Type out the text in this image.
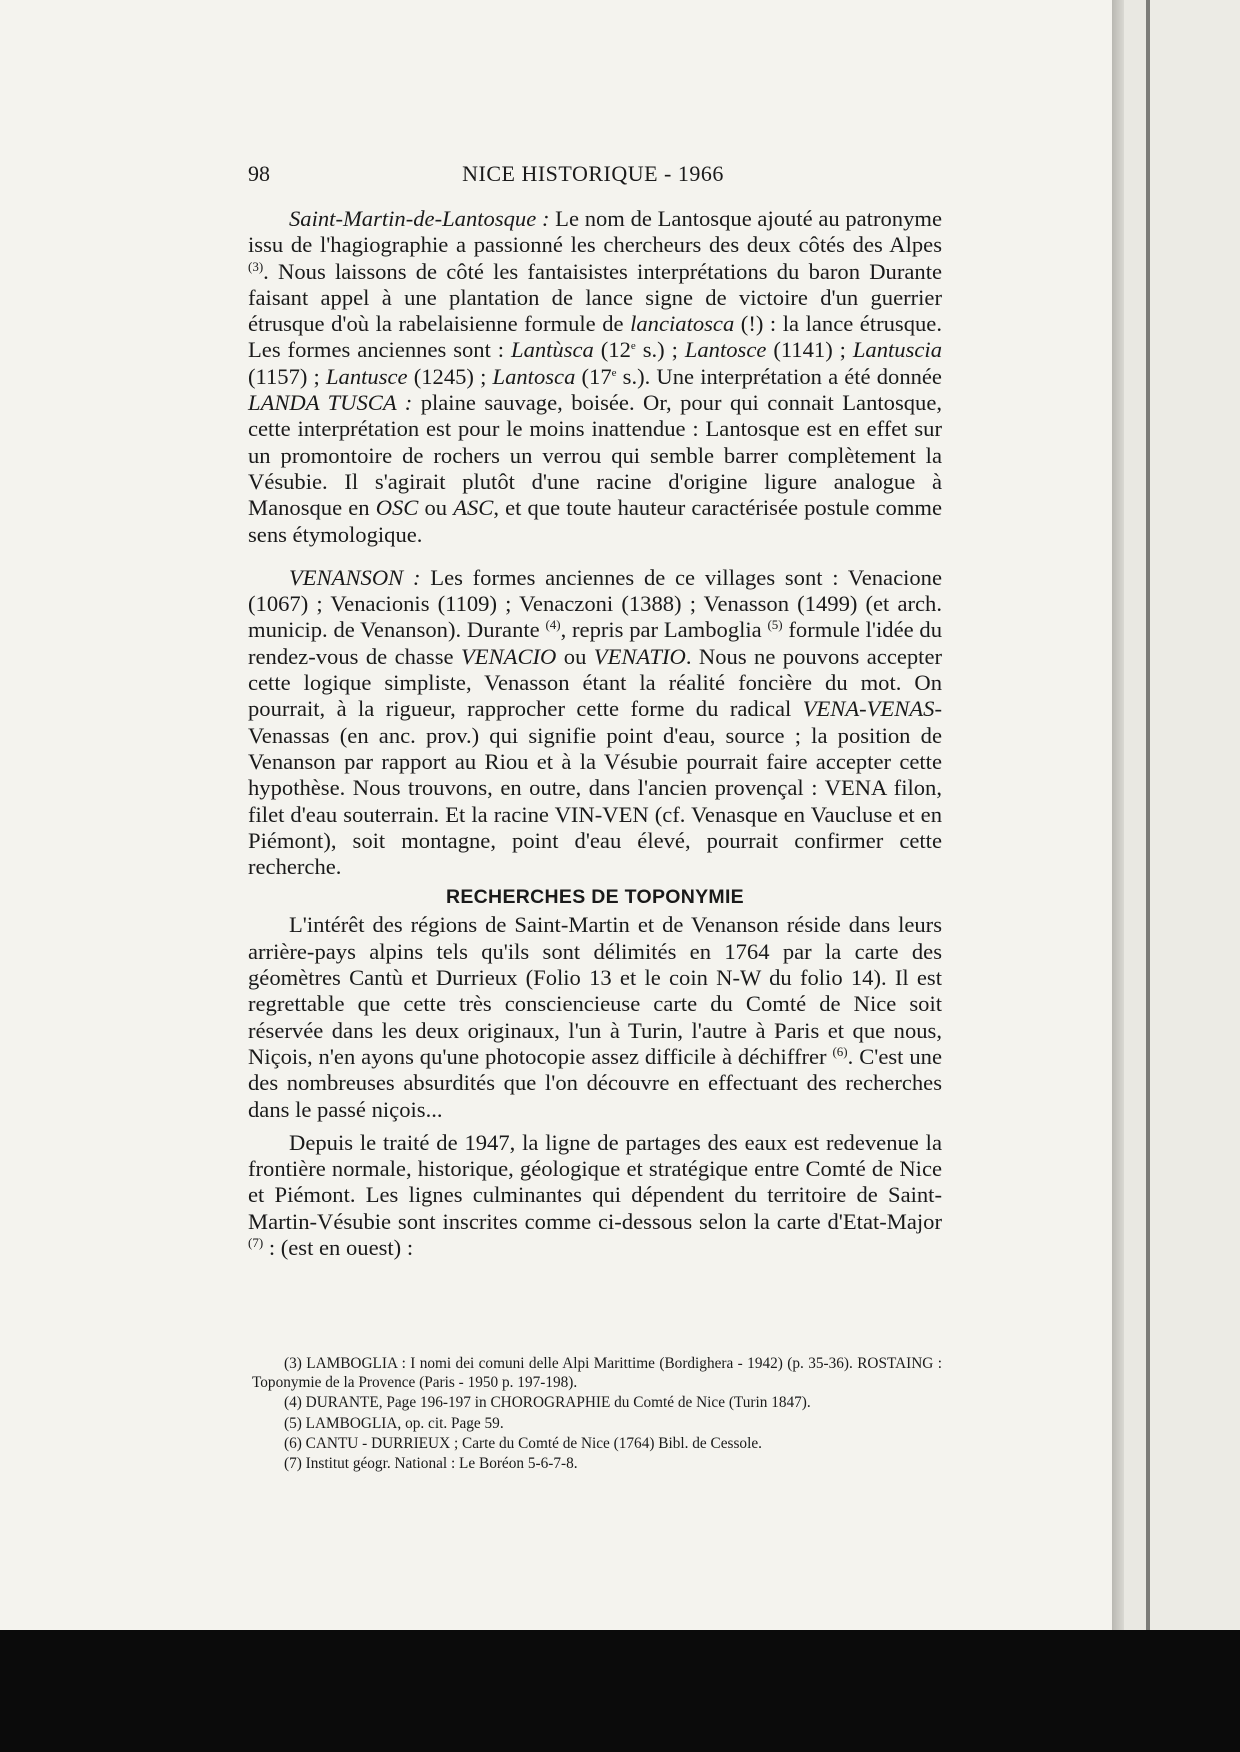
98	NICE HISTORIQUE - 1966

Saint-Martin-de-Lantosque : Le nom de Lantosque ajouté au patronyme issu de l'hagiographie a passionné les chercheurs des deux côtés des Alpes $^{(3)}$. Nous laissons de côté les fantaisistes interprétations du baron Durante faisant appel à une plantation de lance signe de victoire d'un guerrier étrusque d'où la rabelaisienne formule de lanciatosca (!) : la lance étrusque. Les formes anciennes sont : Lantùsca (12e s.) ; Lantosce (1141) ; Lantuscia (1157) ; Lantusce (1245) ; Lantosca (17e s.). Une interprétation a été donnée LANDA TUSCA : plaine sauvage, boisée. Or, pour qui connait Lantosque, cette interprétation est pour le moins inattendue : Lantosque est en effet sur un promontoire de rochers un verrou qui semble barrer complètement la Vésubie. Il s'agirait plutôt d'une racine d'origine ligure analogue à Manosque en OSC ou ASC, et que toute hauteur caractérisée postule comme sens étymologique.

VENANSON : Les formes anciennes de ce villages sont : Venacione (1067) ; Venacionis (1109) ; Venaczoni (1388) ; Venasson (1499) (et arch. municip. de Venanson). Durante $^{(4)}$, repris par Lamboglia $^{(5)}$ formule l'idée du rendez-vous de chasse VENACIO ou VENATIO. Nous ne pouvons accepter cette logique simpliste, Venasson étant la réalité foncière du mot. On pourrait, à la rigueur, rapprocher cette forme du radical VENA-VENAS-Venassas (en anc. prov.) qui signifie point d'eau, source ; la position de Venanson par rapport au Riou et à la Vésubie pourrait faire accepter cette hypothèse. Nous trouvons, en outre, dans l'ancien provençal : VENA filon, filet d'eau souterrain. Et la racine VIN-VEN (cf. Venasque en Vaucluse et en Piémont), soit montagne, point d'eau élevé, pourrait confirmer cette recherche.

RECHERCHES DE TOPONYMIE

L'intérêt des régions de Saint-Martin et de Venanson réside dans leurs arrière-pays alpins tels qu'ils sont délimités en 1764 par la carte des géomètres Cantù et Durrieux (Folio 13 et le coin N-W du folio 14). Il est regrettable que cette très consciencieuse carte du Comté de Nice soit réservée dans les deux originaux, l'un à Turin, l'autre à Paris et que nous, Niçois, n'en ayons qu'une photocopie assez difficile à déchiffrer $^{(6)}$. C'est une des nombreuses absurdités que l'on découvre en effectuant des recherches dans le passé niçois...

Depuis le traité de 1947, la ligne de partages des eaux est redevenue la frontière normale, historique, géologique et stratégique entre Comté de Nice et Piémont. Les lignes culminantes qui dépendent du territoire de Saint-Martin-Vésubie sont inscrites comme ci-dessous selon la carte d'Etat-Major $^{(7)}$ : (est en ouest) :

(3) LAMBOGLIA : I nomi dei comuni delle Alpi Marittime (Bordighera - 1942) (p. 35-36). ROSTAING : Toponymie de la Provence (Paris - 1950 p. 197-198).

(4) DURANTE, Page 196-197 in CHOROGRAPHIE du Comté de Nice (Turin 1847).

(5) LAMBOGLIA, op. cit. Page 59.

(6) CANTU - DURRIEUX ; Carte du Comté de Nice (1764) Bibl. de Cessole.

(7) Institut géogr. National : Le Boréon 5-6-7-8.
